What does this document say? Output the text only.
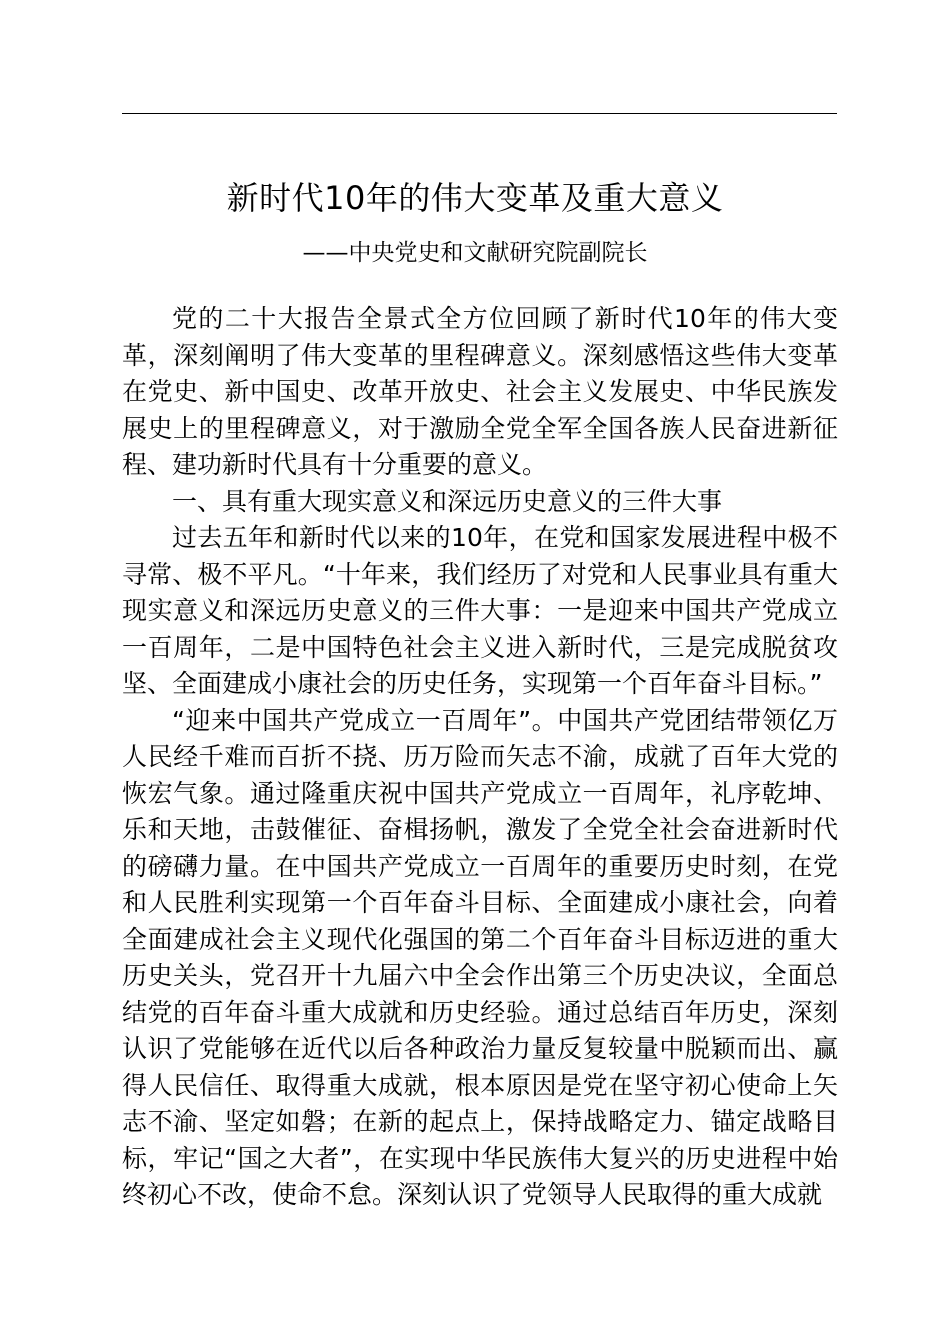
新时代10年的伟大变革及重大意义
——中央党史和文献研究院副院长

党的二十大报告全景式全方位回顾了新时代10年的伟大变革，深刻阐明了伟大变革的里程碑意义。深刻感悟这些伟大变革在党史、新中国史、改革开放史、社会主义发展史、中华民族发展史上的里程碑意义，对于激励全党全军全国各族人民奋进新征程、建功新时代具有十分重要的意义。

一、具有重大现实意义和深远历史意义的三件大事

过去五年和新时代以来的10年，在党和国家发展进程中极不寻常、极不平凡。“十年来，我们经历了对党和人民事业具有重大现实意义和深远历史意义的三件大事：一是迎来中国共产党成立一百周年，二是中国特色社会主义进入新时代，三是完成脱贫攻坚、全面建成小康社会的历史任务，实现第一个百年奋斗目标。”

“迎来中国共产党成立一百周年”。中国共产党团结带领亿万人民经千难而百折不挠、历万险而矢志不渝，成就了百年大党的恢宏气象。通过隆重庆祝中国共产党成立一百周年，礼序乾坤、乐和天地，击鼓催征、奋楫扬帆，激发了全党全社会奋进新时代的磅礴力量。在中国共产党成立一百周年的重要历史时刻，在党和人民胜利实现第一个百年奋斗目标、全面建成小康社会，向着全面建成社会主义现代化强国的第二个百年奋斗目标迈进的重大历史关头，党召开十九届六中全会作出第三个历史决议，全面总结党的百年奋斗重大成就和历史经验。通过总结百年历史，深刻认识了党能够在近代以后各种政治力量反复较量中脱颖而出、赢得人民信任、取得重大成就，根本原因是党在坚守初心使命上矢志不渝、坚定如磐；在新的起点上，保持战略定力、锚定战略目标，牢记“国之大者”，在实现中华民族伟大复兴的历史进程中始终初心不改，使命不怠。深刻认识了党领导人民取得的重大成就
